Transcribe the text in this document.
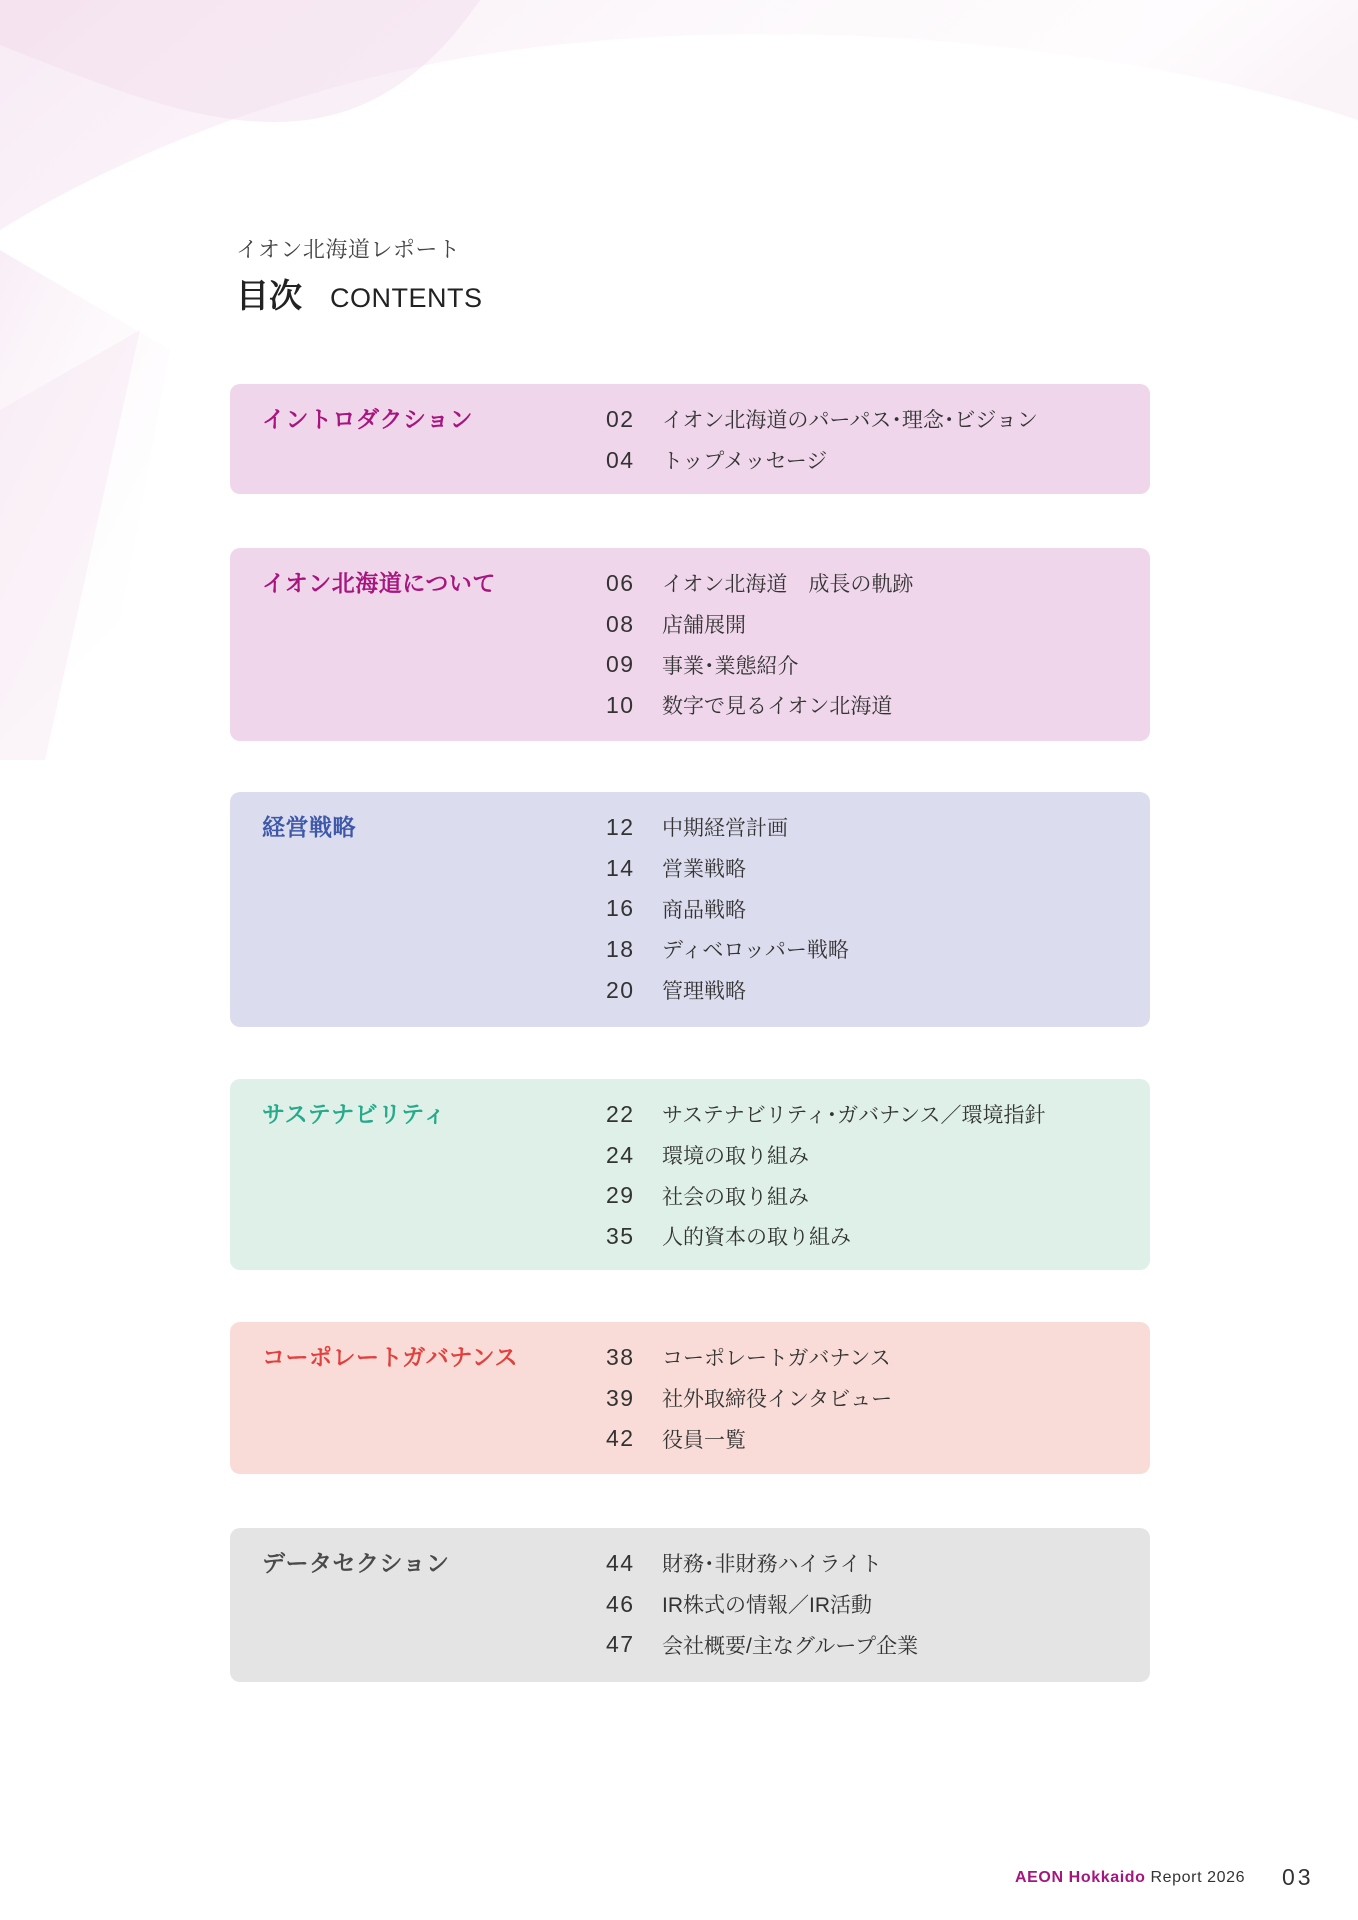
イオン北海道レポート
目次 CONTENTS
イントロダクション	02	イオン北海道のパーパス･理念･ビジョン
04	トップメッセージ
イオン北海道について	06	イオン北海道　成長の軌跡
08	店舗展開
09	事業･業態紹介
10	数字で見るイオン北海道
経営戦略	12	中期経営計画
14	営業戦略
16	商品戦略
18	ディベロッパー戦略
20	管理戦略
サステナビリティ	22	サステナビリティ･ガバナンス／環境指針
24	環境の取り組み
29	社会の取り組み
35	人的資本の取り組み
コーポレートガバナンス	38	コーポレートガバナンス
39	社外取締役インタビュー
42	役員一覧
データセクション	44	財務･非財務ハイライト
46	IR株式の情報／IR活動
47	会社概要/主なグループ企業
AEON Hokkaido Report 2026 03
